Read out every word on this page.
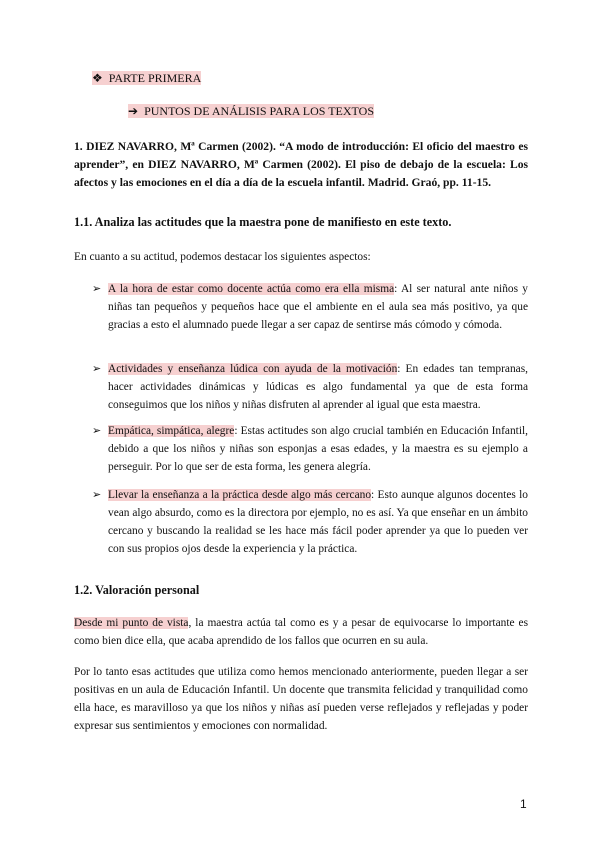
❖ PARTE PRIMERA
➔ PUNTOS DE ANÁLISIS PARA LOS TEXTOS
1. DIEZ NAVARRO, Mª Carmen (2002). “A modo de introducción: El oficio del maestro es aprender”, en DIEZ NAVARRO, Mª Carmen (2002). El piso de debajo de la escuela: Los afectos y las emociones en el día a día de la escuela infantil. Madrid. Graó, pp. 11-15.
1.1. Analiza las actitudes que la maestra pone de manifiesto en este texto.
En cuanto a su actitud, podemos destacar los siguientes aspectos:
➢ A la hora de estar como docente actúa como era ella misma: Al ser natural ante niños y niñas tan pequeños y pequeños hace que el ambiente en el aula sea más positivo, ya que gracias a esto el alumnado puede llegar a ser capaz de sentirse más cómodo y cómoda.
➢ Actividades y enseñanza lúdica con ayuda de la motivación: En edades tan tempranas, hacer actividades dinámicas y lúdicas es algo fundamental ya que de esta forma conseguimos que los niños y niñas disfruten al aprender al igual que esta maestra.
➢ Empática, simpática, alegre: Estas actitudes son algo crucial también en Educación Infantil, debido a que los niños y niñas son esponjas a esas edades, y la maestra es su ejemplo a perseguir. Por lo que ser de esta forma, les genera alegría.
➢ Llevar la enseñanza a la práctica desde algo más cercano: Esto aunque algunos docentes lo vean algo absurdo, como es la directora por ejemplo, no es así. Ya que enseñar en un ámbito cercano y buscando la realidad se les hace más fácil poder aprender ya que lo pueden ver con sus propios ojos desde la experiencia y la práctica.
1.2. Valoración personal
Desde mi punto de vista, la maestra actúa tal como es y a pesar de equivocarse lo importante es como bien dice ella, que acaba aprendido de los fallos que ocurren en su aula.
Por lo tanto esas actitudes que utiliza como hemos mencionado anteriormente, pueden llegar a ser positivas en un aula de Educación Infantil. Un docente que transmita felicidad y tranquilidad como ella hace, es maravilloso ya que los niños y niñas así pueden verse reflejados y reflejadas y poder expresar sus sentimientos y emociones con normalidad.
1
